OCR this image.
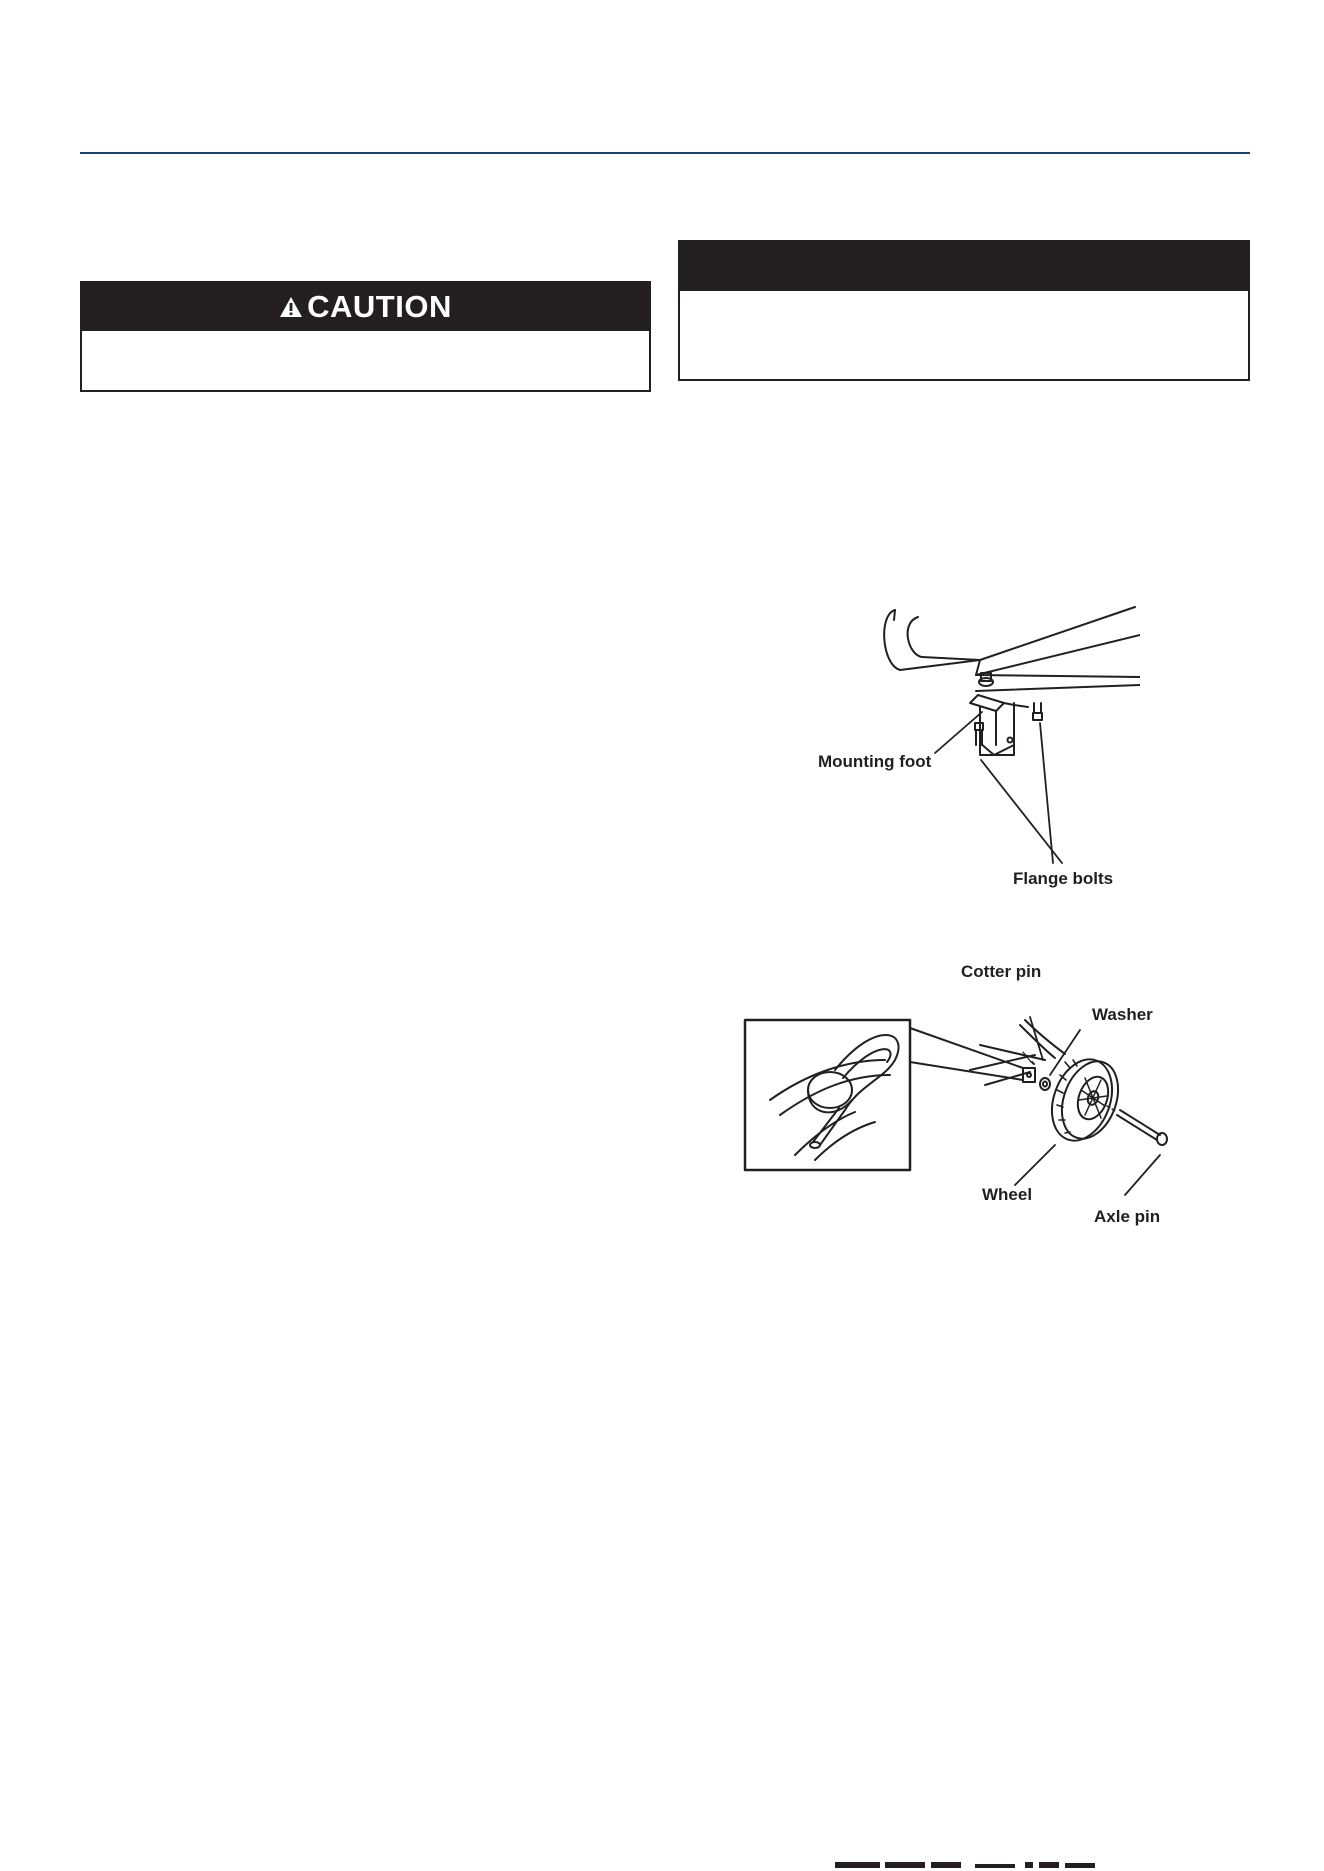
CAUTION
Mounting foot
Flange bolts
Cotter pin
Washer
Wheel
Axle pin
